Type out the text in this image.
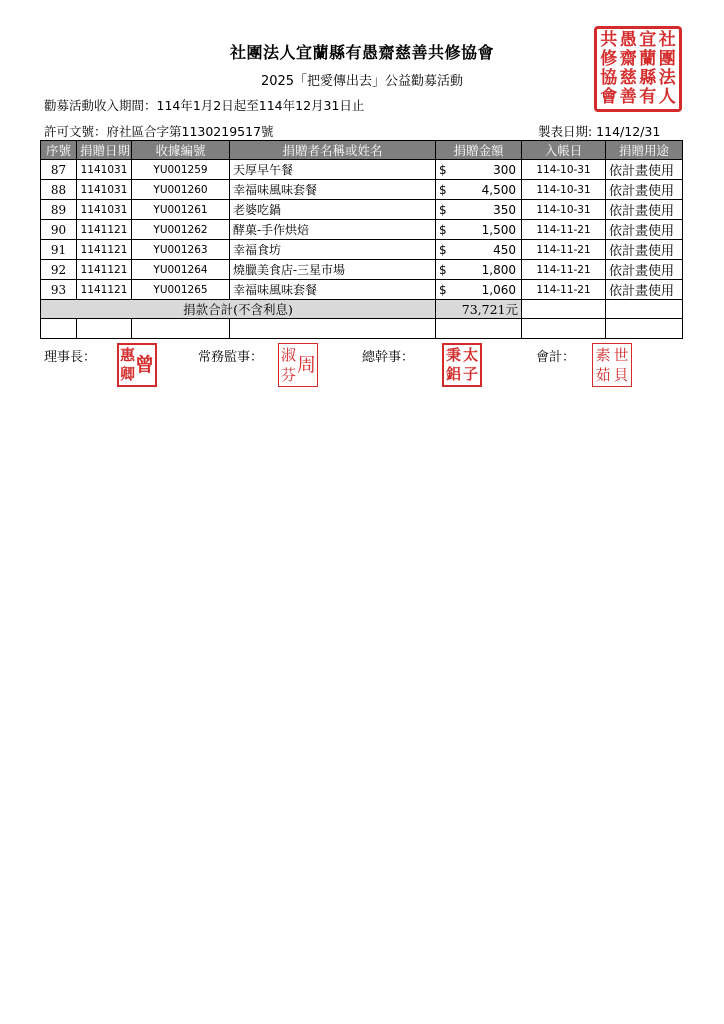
社團法人宜蘭縣有愚齋慈善共修協會
2025「把愛傳出去」公益勸募活動
勸募活動收入期間：114年1月2日起至114年12月31日止
許可文號：府社區合字第1130219517號	製表日期: 114/12/31
社
團
法
人
宜
蘭
縣
有
愚
齋
慈
善
共
修
協
會
序號	捐贈日期	收據編號	捐贈者名稱或姓名	捐贈金額	入帳日	捐贈用途
87	1141031	YU001259	天厚早午餐	$ 300	114-10-31	依計畫使用
88	1141031	YU001260	幸福味風味套餐	$ 4,500	114-10-31	依計畫使用
89	1141031	YU001261	老婆吃鍋	$ 350	114-10-31	依計畫使用
90	1141121	YU001262	酵菓-手作烘焙	$ 1,500	114-11-21	依計畫使用
91	1141121	YU001263	幸福食坊	$ 450	114-11-21	依計畫使用
92	1141121	YU001264	燒臘美食店-三星市場	$ 1,800	114-11-21	依計畫使用
93	1141121	YU001265	幸福味風味套餐	$ 1,060	114-11-21	依計畫使用
捐款合計(不含利息)				73,721元		

理事長： 曾
惠
卿
常務監事： 周
淑
芬
總幹事：	太
子
秉
鋁
會計：	世
貝
素
茹
